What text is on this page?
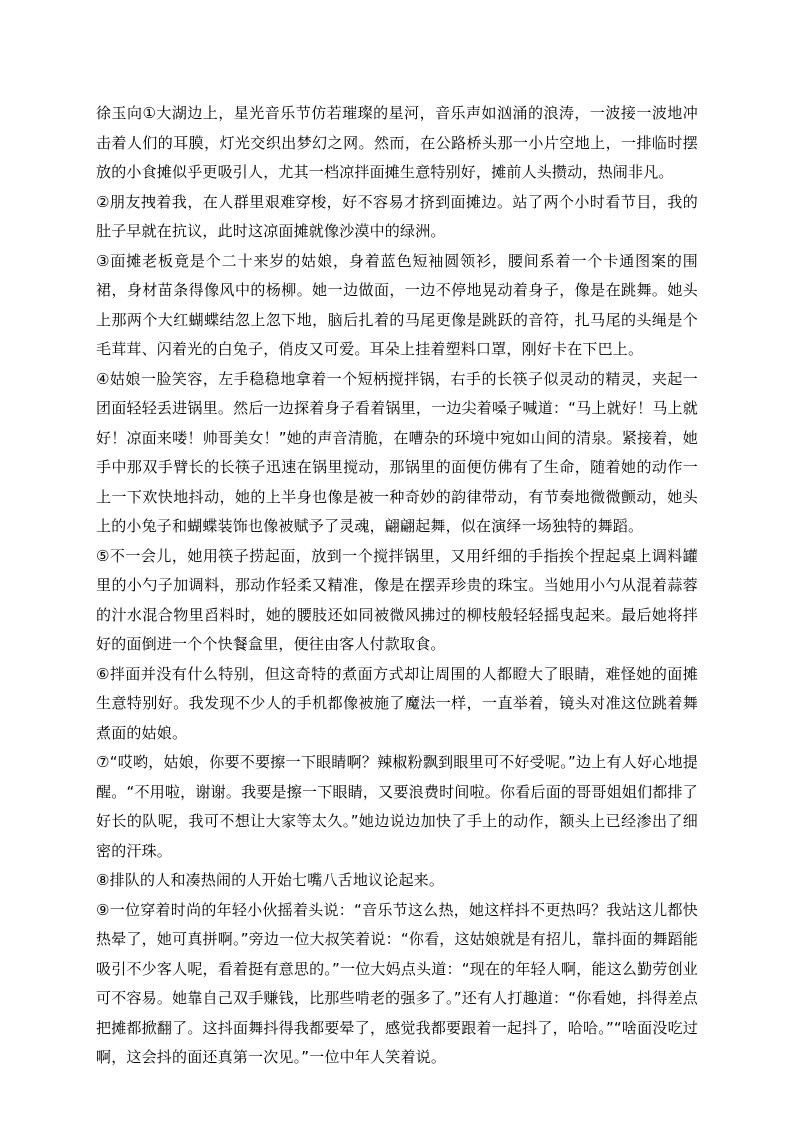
徐玉向①大湖边上，星光音乐节仿若璀璨的星河，音乐声如汹涌的浪涛，一波接一波地冲击着人们的耳膜，灯光交织出梦幻之网。然而，在公路桥头那一小片空地上，一排临时摆放的小食摊似乎更吸引人，尤其一档凉拌面摊生意特别好，摊前人头攒动，热闹非凡。

②朋友拽着我，在人群里艰难穿梭，好不容易才挤到面摊边。站了两个小时看节目，我的肚子早就在抗议，此时这凉面摊就像沙漠中的绿洲。

③面摊老板竟是个二十来岁的姑娘，身着蓝色短袖圆领衫，腰间系着一个卡通图案的围裙，身材苗条得像风中的杨柳。她一边做面，一边不停地晃动着身子，像是在跳舞。她头上那两个大红蝴蝶结忽上忽下地，脑后扎着的马尾更像是跳跃的音符，扎马尾的头绳是个毛茸茸、闪着光的白兔子，俏皮又可爱。耳朵上挂着塑料口罩，刚好卡在下巴上。

④姑娘一脸笑容，左手稳稳地拿着一个短柄搅拌锅，右手的长筷子似灵动的精灵，夹起一团面轻轻丢进锅里。然后一边探着身子看着锅里，一边尖着嗓子喊道：“马上就好！马上就好！凉面来喽！帅哥美女！”她的声音清脆，在嘈杂的环境中宛如山间的清泉。紧接着，她手中那双手臂长的长筷子迅速在锅里搅动，那锅里的面便仿佛有了生命，随着她的动作一上一下欢快地抖动，她的上半身也像是被一种奇妙的韵律带动，有节奏地微微颤动，她头上的小兔子和蝴蝶装饰也像被赋予了灵魂，翩翩起舞，似在演绎一场独特的舞蹈。

⑤不一会儿，她用筷子捞起面，放到一个搅拌锅里，又用纤细的手指挨个捏起桌上调料罐里的小勺子加调料，那动作轻柔又精准，像是在摆弄珍贵的珠宝。当她用小勺从混着蒜蓉的汁水混合物里舀料时，她的腰肢还如同被微风拂过的柳枝般轻轻摇曳起来。最后她将拌好的面倒进一个个快餐盒里，便往由客人付款取食。

⑥拌面并没有什么特别，但这奇特的煮面方式却让周围的人都瞪大了眼睛，难怪她的面摊生意特别好。我发现不少人的手机都像被施了魔法一样，一直举着，镜头对准这位跳着舞煮面的姑娘。

⑦“哎哟，姑娘，你要不要擦一下眼睛啊？辣椒粉飘到眼里可不好受呢。”边上有人好心地提醒。“不用啦，谢谢。我要是擦一下眼睛，又要浪费时间啦。你看后面的哥哥姐姐们都排了好长的队呢，我可不想让大家等太久。”她边说边加快了手上的动作，额头上已经渗出了细密的汗珠。

⑧排队的人和凑热闹的人开始七嘴八舌地议论起来。

⑨一位穿着时尚的年轻小伙摇着头说：“音乐节这么热，她这样抖不更热吗？我站这儿都快热晕了，她可真拼啊。”旁边一位大叔笑着说：“你看，这姑娘就是有招儿，靠抖面的舞蹈能吸引不少客人呢，看着挺有意思的。”一位大妈点头道：“现在的年轻人啊，能这么勤劳创业可不容易。她靠自己双手赚钱，比那些啃老的强多了。”还有人打趣道：“你看她，抖得差点把摊都掀翻了。这抖面舞抖得我都要晕了，感觉我都要跟着一起抖了，哈哈。”“啥面没吃过啊，这会抖的面还真第一次见。”一位中年人笑着说。
